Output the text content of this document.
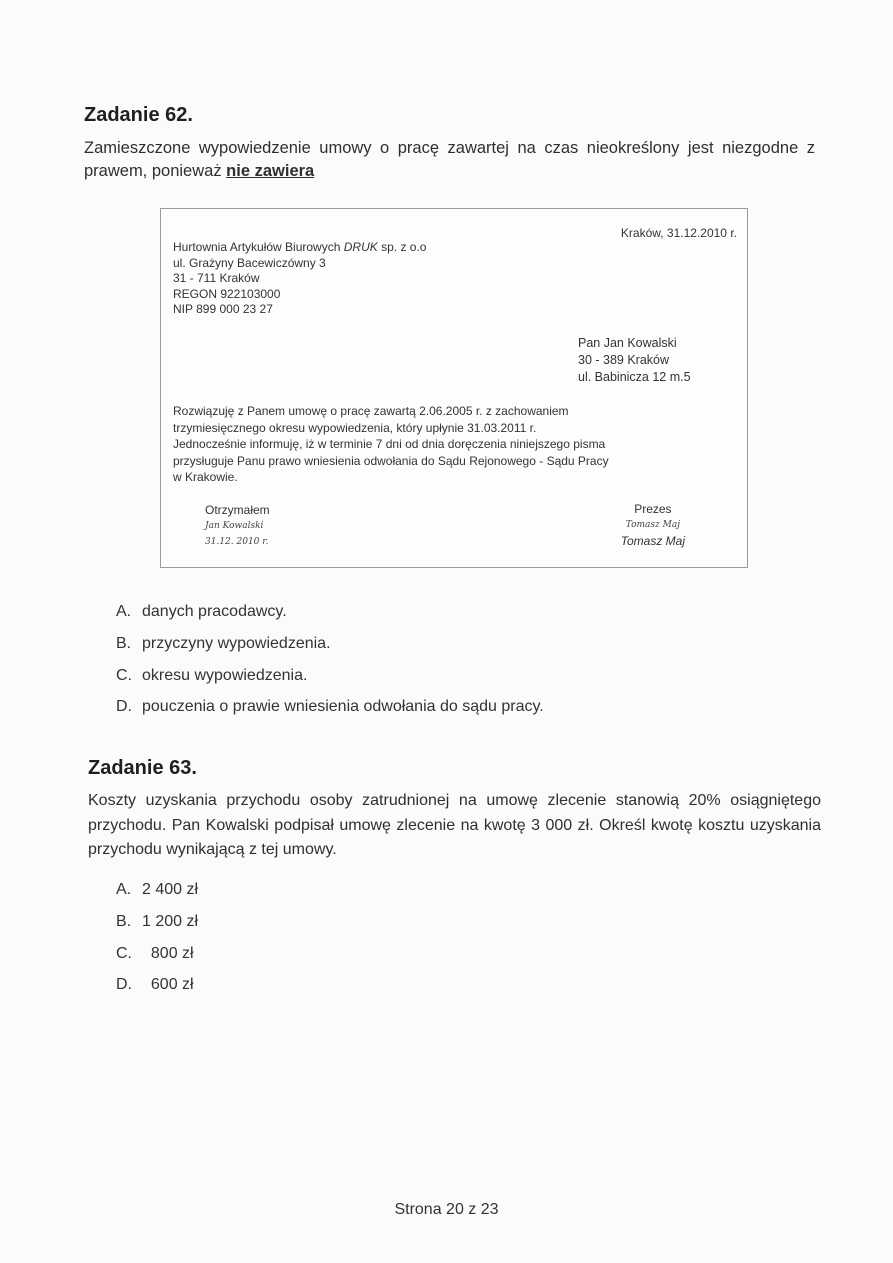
Zadanie 62.

Zamieszczone wypowiedzenie umowy o pracę zawartej na czas nieokreślony jest niezgodne z prawem, ponieważ nie zawiera

Kraków, 31.12.2010 r.
Hurtownia Artykułów Biurowych DRUK sp. z o.o
ul. Grażyny Bacewiczówny 3
31 - 711 Kraków
REGON 922103000
NIP 899 000 23 27
Pan Jan Kowalski
30 - 389 Kraków
ul. Babinicza 12 m.5
Rozwiązuję z Panem umowę o pracę zawartą 2.06.2005 r. z zachowaniem
trzymiesięcznego okresu wypowiedzenia, który upłynie 31.03.2011 r.
Jednocześnie informuję, iż w terminie 7 dni od dnia doręczenia niniejszego pisma
przysługuje Panu prawo wniesienia odwołania do Sądu Rejonowego - Sądu Pracy
w Krakowie.
Otrzymałem
Jan Kowalski
31.12. 2010 r.
Prezes
Tomasz Maj
Tomasz Maj
A. danych pracodawcy.
B. przyczyny wypowiedzenia.
C. okresu wypowiedzenia.
D. pouczenia o prawie wniesienia odwołania do sądu pracy.
Zadanie 63.

Koszty uzyskania przychodu osoby zatrudnionej na umowę zlecenie stanowią 20% osiągniętego przychodu. Pan Kowalski podpisał umowę zlecenie na kwotę 3 000 zł. Określ kwotę kosztu uzyskania przychodu wynikającą z tej umowy.

A. 2 400 zł
B. 1 200 zł
C.  800 zł
D.  600 zł
Strona 20 z 23
